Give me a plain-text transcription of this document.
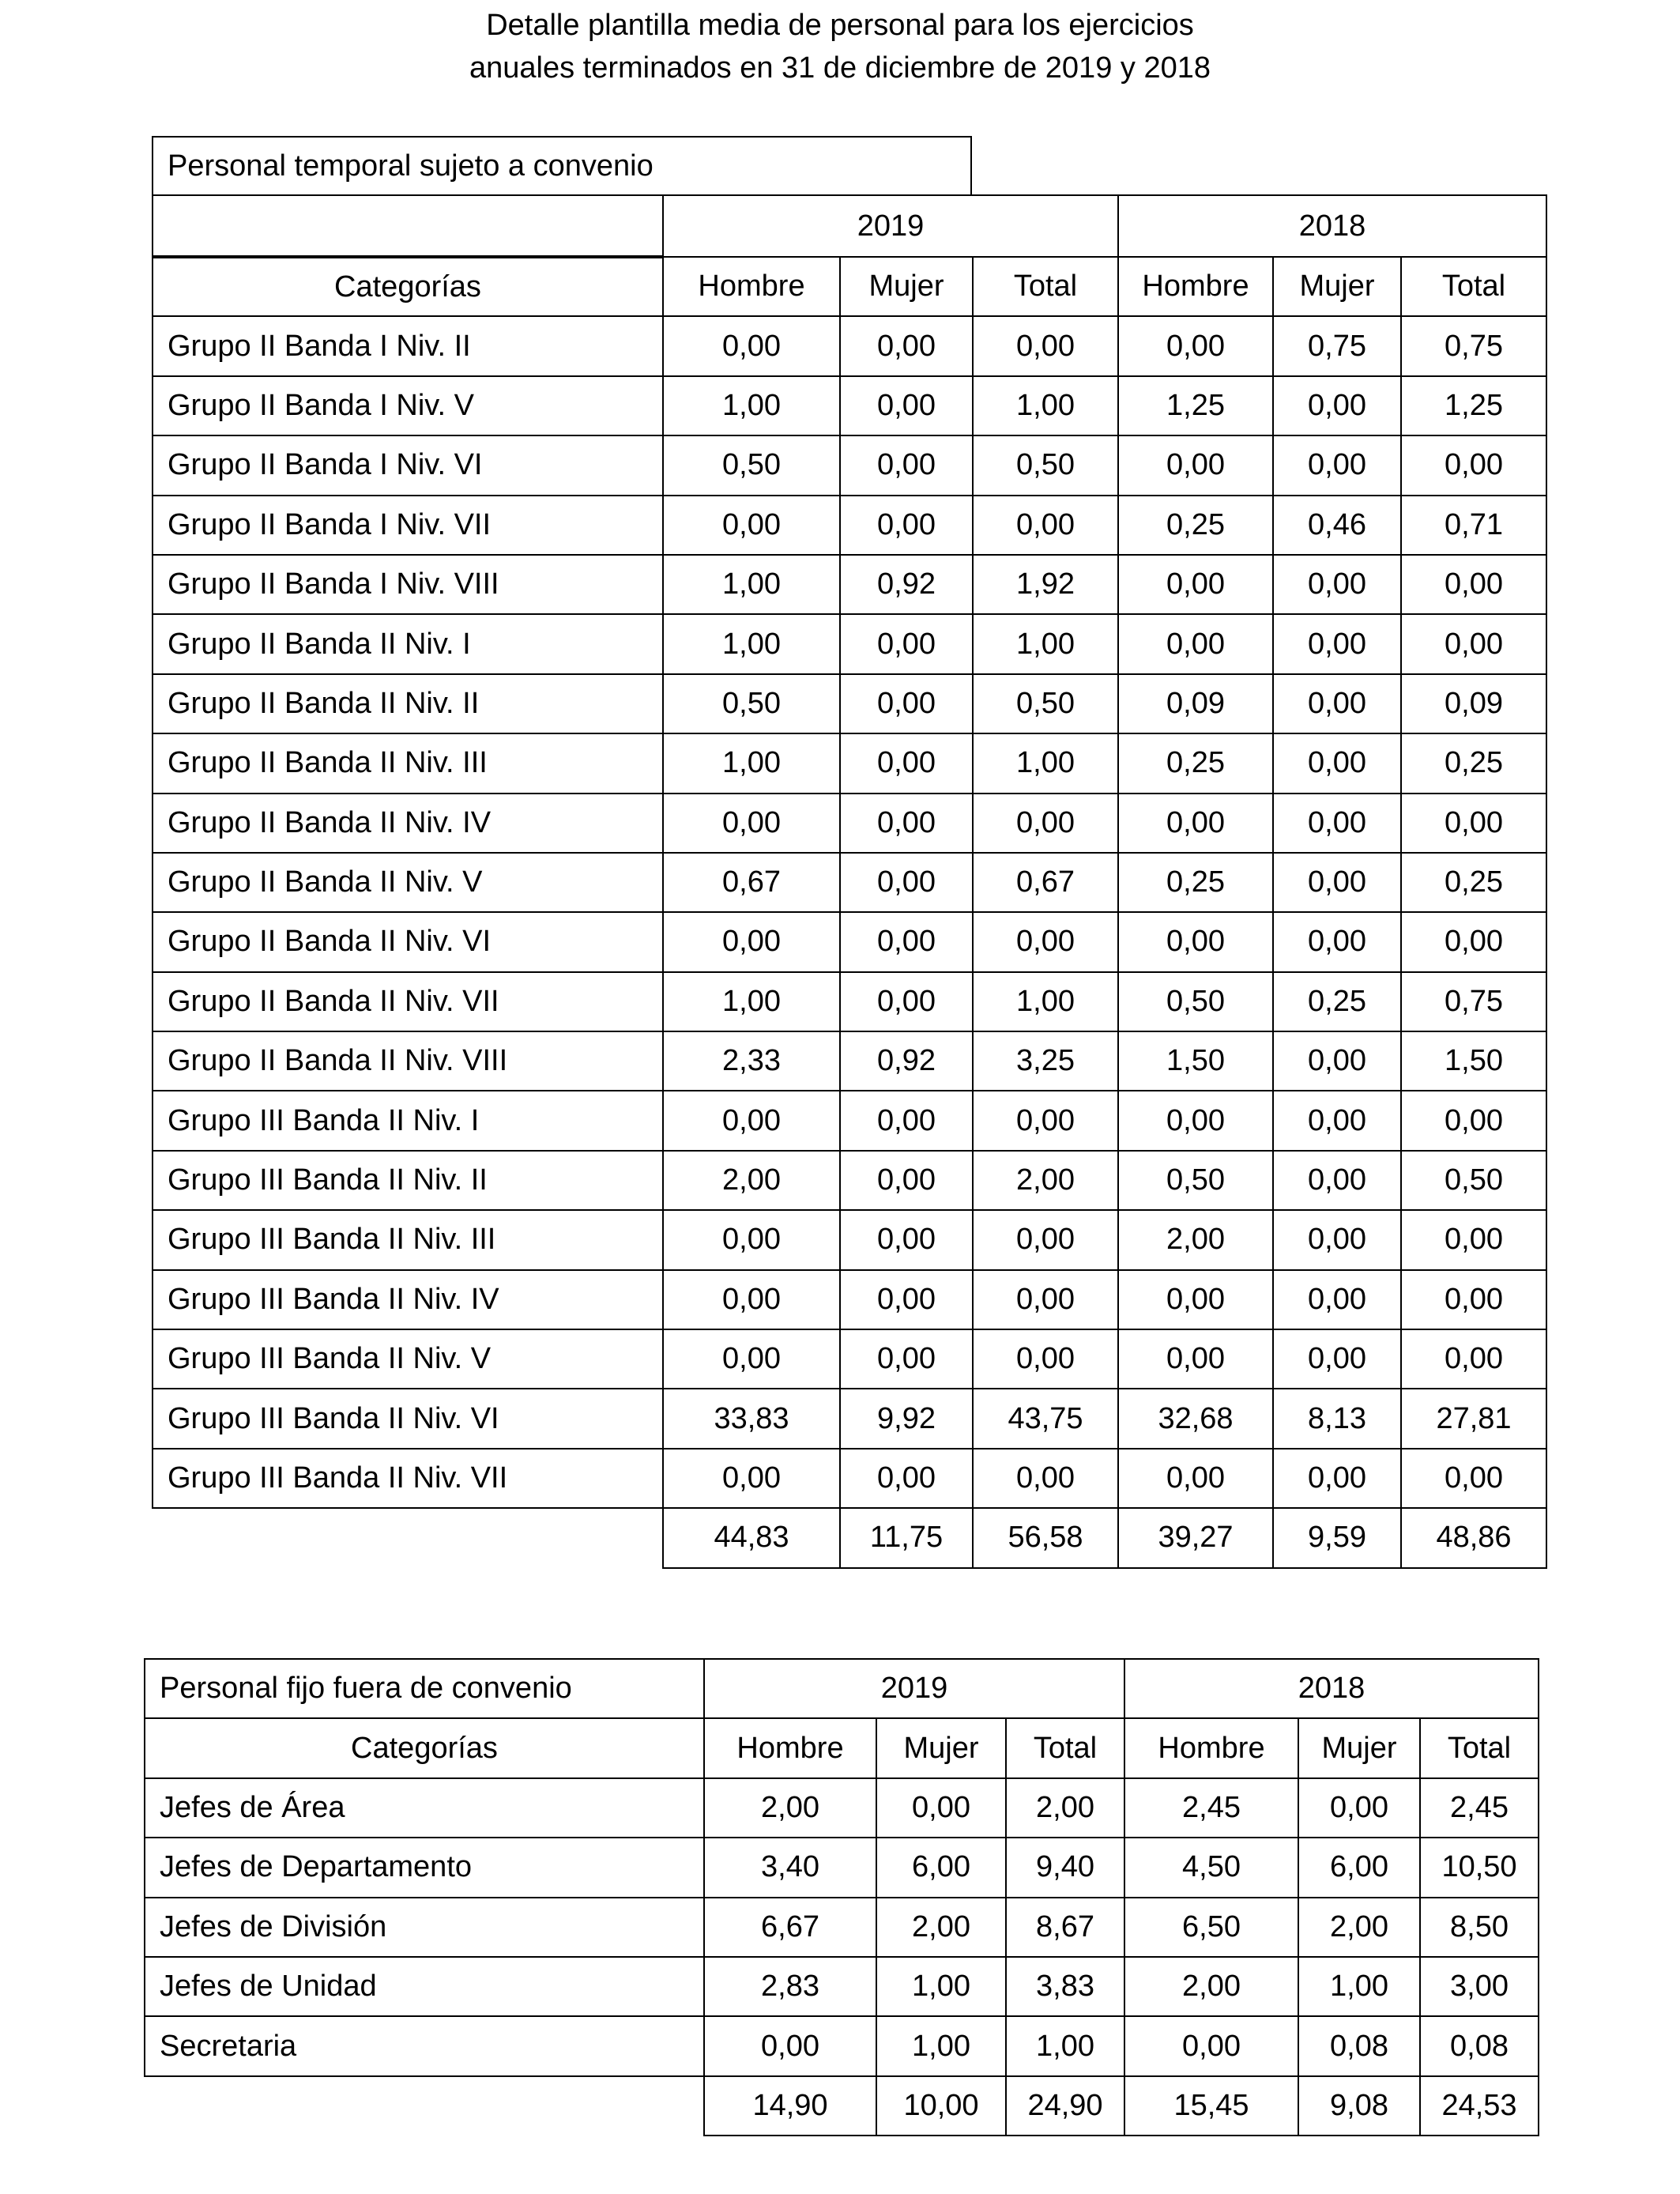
Detalle plantilla media de personal para los ejercicios
anuales terminados en 31 de diciembre de 2019 y 2018
Personal temporal sujeto a convenio
	2019			2018		
Categorías	Hombre	Mujer	Total	Hombre	Mujer	Total
Grupo II Banda I Niv. II	0,00	0,00	0,00	0,00	0,75	0,75
Grupo II Banda I Niv. V	1,00	0,00	1,00	1,25	0,00	1,25
Grupo II Banda I Niv. VI	0,50	0,00	0,50	0,00	0,00	0,00
Grupo II Banda I Niv. VII	0,00	0,00	0,00	0,25	0,46	0,71
Grupo II Banda I Niv. VIII	1,00	0,92	1,92	0,00	0,00	0,00
Grupo II Banda II Niv. I	1,00	0,00	1,00	0,00	0,00	0,00
Grupo II Banda II Niv. II	0,50	0,00	0,50	0,09	0,00	0,09
Grupo II Banda II Niv. III	1,00	0,00	1,00	0,25	0,00	0,25
Grupo II Banda II Niv. IV	0,00	0,00	0,00	0,00	0,00	0,00
Grupo II Banda II Niv. V	0,67	0,00	0,67	0,25	0,00	0,25
Grupo II Banda II Niv. VI	0,00	0,00	0,00	0,00	0,00	0,00
Grupo II Banda II Niv. VII	1,00	0,00	1,00	0,50	0,25	0,75
Grupo II Banda II Niv. VIII	2,33	0,92	3,25	1,50	0,00	1,50
Grupo III Banda II Niv. I	0,00	0,00	0,00	0,00	0,00	0,00
Grupo III Banda II Niv. II	2,00	0,00	2,00	0,50	0,00	0,50
Grupo III Banda II Niv. III	0,00	0,00	0,00	2,00	0,00	0,00
Grupo III Banda II Niv. IV	0,00	0,00	0,00	0,00	0,00	0,00
Grupo III Banda II Niv. V	0,00	0,00	0,00	0,00	0,00	0,00
Grupo III Banda II Niv. VI	33,83	9,92	43,75	32,68	8,13	27,81
Grupo III Banda II Niv. VII	0,00	0,00	0,00	0,00	0,00	0,00
	44,83	11,75	56,58	39,27	9,59	48,86
Personal fijo fuera de convenio	2019			2018		
Categorías	Hombre	Mujer	Total	Hombre	Mujer	Total
Jefes de Área	2,00	0,00	2,00	2,45	0,00	2,45
Jefes de Departamento	3,40	6,00	9,40	4,50	6,00	10,50
Jefes de División	6,67	2,00	8,67	6,50	2,00	8,50
Jefes de Unidad	2,83	1,00	3,83	2,00	1,00	3,00
Secretaria	0,00	1,00	1,00	0,00	0,08	0,08
	14,90	10,00	24,90	15,45	9,08	24,53
